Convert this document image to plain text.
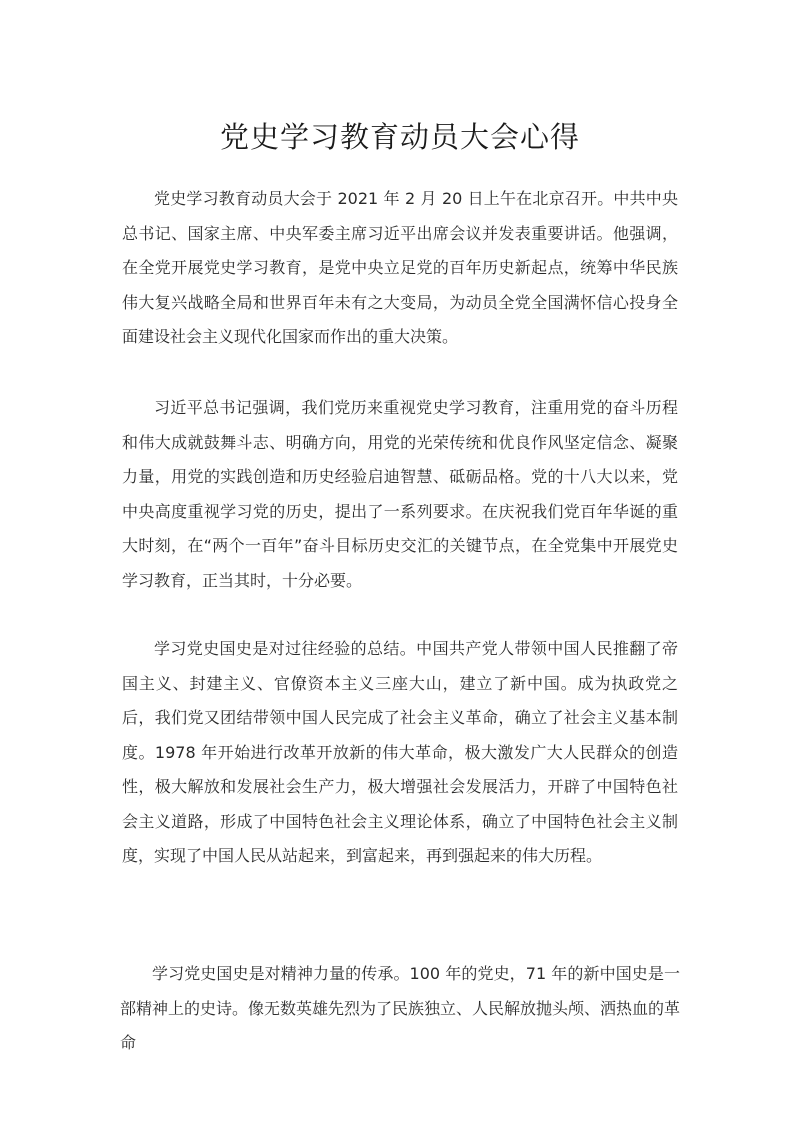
党史学习教育动员大会心得

党史学习教育动员大会于 2021 年 2 月 20 日上午在北京召开。中共中央总书记、国家主席、中央军委主席习近平出席会议并发表重要讲话。他强调，在全党开展党史学习教育，是党中央立足党的百年历史新起点，统筹中华民族伟大复兴战略全局和世界百年未有之大变局，为动员全党全国满怀信心投身全面建设社会主义现代化国家而作出的重大决策。

习近平总书记强调，我们党历来重视党史学习教育，注重用党的奋斗历程和伟大成就鼓舞斗志、明确方向，用党的光荣传统和优良作风坚定信念、凝聚力量，用党的实践创造和历史经验启迪智慧、砥砺品格。党的十八大以来，党中央高度重视学习党的历史，提出了一系列要求。在庆祝我们党百年华诞的重大时刻，在“两个一百年”奋斗目标历史交汇的关键节点，在全党集中开展党史学习教育，正当其时，十分必要。

学习党史国史是对过往经验的总结。中国共产党人带领中国人民推翻了帝国主义、封建主义、官僚资本主义三座大山，建立了新中国。成为执政党之后，我们党又团结带领中国人民完成了社会主义革命，确立了社会主义基本制度。1978 年开始进行改革开放新的伟大革命，极大激发广大人民群众的创造性，极大解放和发展社会生产力，极大增强社会发展活力，开辟了中国特色社会主义道路，形成了中国特色社会主义理论体系，确立了中国特色社会主义制度，实现了中国人民从站起来，到富起来，再到强起来的伟大历程。

学习党史国史是对精神力量的传承。100 年的党史，71 年的新中国史是一部精神上的史诗。像无数英雄先烈为了民族独立、人民解放抛头颅、洒热血的革命
